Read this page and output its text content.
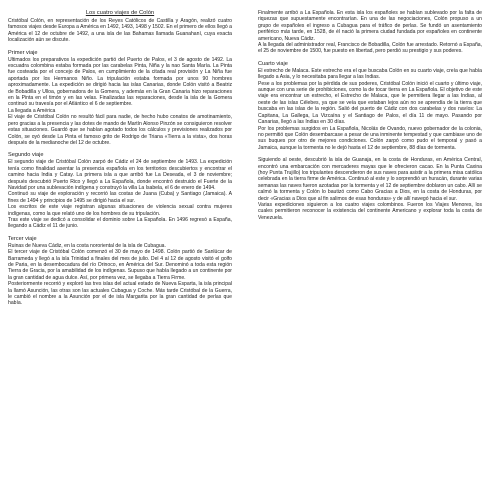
Los cuatro viajes de Colón

Cristóbal Colón, en representación de los Reyes Católicos de Castilla y Aragón, realizó cuatro famosos viajes desde Europa a América en 1492, 1493, 1498 y 1502. En el primero de ellos llegó a América el 12 de octubre de 1492, a una isla de las Bahamas llamada Guanahaní, cuya exacta localización aún se discute.

Primer viaje

Ultimados los preparativos la expedición partió del Puerto de Palos, el 3 de agosto de 1492. La escuadra colombina estaba formada por las carabelas Pinta, Niña y la nao Santa María. La Pinta fue costeada por el concejo de Palos, en cumplimiento de la citada real provisión y La Niña fue aportada por los Hermanos Niño. La tripulación estaba formada por unos 90 hombres aproximadamente. La expedición se dirigió hacia las islas Canarias, donde Colón visitó a Beatriz de Bobadilla y Ulloa, gobernadora de la Gomera, y además en la Gran Canaria hizo reparaciones en la Pinta en el timón y en las velas. Finalizadas las reparaciones, desde la isla de la Gomera continuó su travesía por el Atlántico el 6 de septiembre.

La llegada a América

El viaje de Cristóbal Colón no resultó fácil para nadie, de hecho hubo conatos de amotinamiento, pero gracias a la presencia y las dotes de mando de Martín Alonso Pinzón se consiguieron resolver estas situaciones. Guardó que se habían agotado todos los cálculos y previsiones realizados por Colón, se oyó desde La Pinta el famoso grito de Rodrigo de Triana «Tierra a la vista», dos horas después de la medianoche del 12 de octubre.

Segundo viaje

El segundo viaje de Cristóbal Colón zarpó de Cádiz el 24 de septiembre de 1493. La expedición tenía como finalidad asentar la presencia española en los territorios descubiertos y encontrar el camino hacia India y Catay. La primera isla a que arribó fue La Deseada, el 3 de noviembre; después descubrió Puerto Rico y llegó a La Española, donde encontró destruido el Fuerte de la Navidad por una sublevación indígena y construyó la villa La Isabela, el 6 de enero de 1494.

Continuó su viaje de exploración y recorrió las costas de Juana (Cuba) y Santiago (Jamaica). A fines de 1494 y principios de 1495 se dirigió hacia el sur.

Los escritos de este viaje registran algunas situaciones de violencia sexual contra mujeres indígenas, como la que relató uno de los hombres de su tripulación.

Tras este viaje se dedicó a consolidar el dominio sobre La Española. En 1496 regresó a España, llegando a Cádiz el 11 de junio.

Tercer viaje

Ruinas de Nueva Cádiz, en la costa nororiental de la isla de Cubagua.

El tercer viaje de Cristóbal Colón comenzó el 30 de mayo de 1498. Colón partió de Sanlúcar de Barrameda y llegó a la isla Trinidad a finales del mes de julio. Del 4 al 12 de agosto visitó el golfo de Paria, en la desembocadura del río Orinoco, en América del Sur. Denominó a toda esta región Tierra de Gracia, por la amabilidad de los indígenas. Supuso que había llegado a un continente por la gran cantidad de agua dulce. Así, por primera vez, se llegaba a Tierra Firme.

Posteriormente recorrió y exploró las tres islas del actual estado de Nueva Esparta, la isla principal la llamó Asunción, las otras son las actuales Cubagua y Coche. Más tarde Cristóbal de la Guerra, le cambió el nombre a la Asunción por el de isla Margarita por la gran cantidad de perlas que había.

Finalmente arribó a La Española. En esta isla los españoles se habían sublevado por la falta de riquezas que supuestamente encontrarían. En una de las negociaciones, Colón propuso a un grupo de españoles el ingreso a Cubagua para el tráfico de perlas. Se fundó un asentamiento periférico más tarde, en 1528, de él nació la primera ciudad fundada por españoles en continente americano, Nueva Cádiz.

A la llegada del administrador real, Francisco de Bobadilla, Colón fue arrestado. Retornó a España, el 25 de noviembre de 1500, fue puesto en libertad, pero perdió su prestigio y sus poderes.

Cuarto viaje

El estrecho de Malaca. Este estrecho era el que buscaba Colón en su cuarto viaje, creía que había llegado a Asia, y lo necesitaba para llegar a las Indias.

Pese a los problemas por la pérdida de sus poderes, Cristóbal Colón inició el cuarto y último viaje, aunque con una serie de prohibiciones, como la de tocar tierra en La Española. El objetivo de este viaje era encontrar un estrecho, el Estrecho de Malaca, que le permitiera llegar a las Indias, al oeste de las islas Célebes, ya que se veía que estaban lejos aún no se aprendía de la tierra que buscaba en las islas de la región. Salió del puerto de Cádiz con dos carabelas y dos navíos: La Capitana, La Gallega, La Vizcaína y el Santiago de Palos, el día 11 de mayo. Pasando por Canarias, llegó a las Indias en 30 días.

Por los problemas surgidos en La Española, Nicolás de Ovando, nuevo gobernador de la colonia, no permitió que Colón desembarcase a pesar de una inminente tempestad y que cambiase uno de sus buques por otro de mejores condiciones. Colón zarpó como pudo el temporal y pasó a Jamaica, aunque la tormenta no le dejó hasta el 12 de septiembre, 88 días de tormenta.

Siguiendo al oeste, descubrió la isla de Guanaja, en la costa de Honduras, en América Central, encontró una embarcación con mercaderes mayas que le ofrecieron cacao. En la Punta Caxina (hoy Punta Trujillo) los tripulantes descendieron de sus naves para asistir a la primera misa católica celebrada en la tierra firme de América. Continuó al este y lo sorprendió un huracán, durante varias semanas las naves fueron azotadas por la tormenta y el 12 de septiembre doblaron un cabo. Allí se calmó la tormenta y Colón lo bautizó como Cabo Gracias a Dios, en la costa de Honduras, por decir «Gracias a Dios que al fin salimos de esas honduras» y de allí navegó hacia el sur.

Varias expediciones siguieron a los cuatro viajes colombinos. Fueron los Viajes Menores, los cuales permitieron reconocer la existencia del continente Americano y explorar toda la costa de Venezuela.
